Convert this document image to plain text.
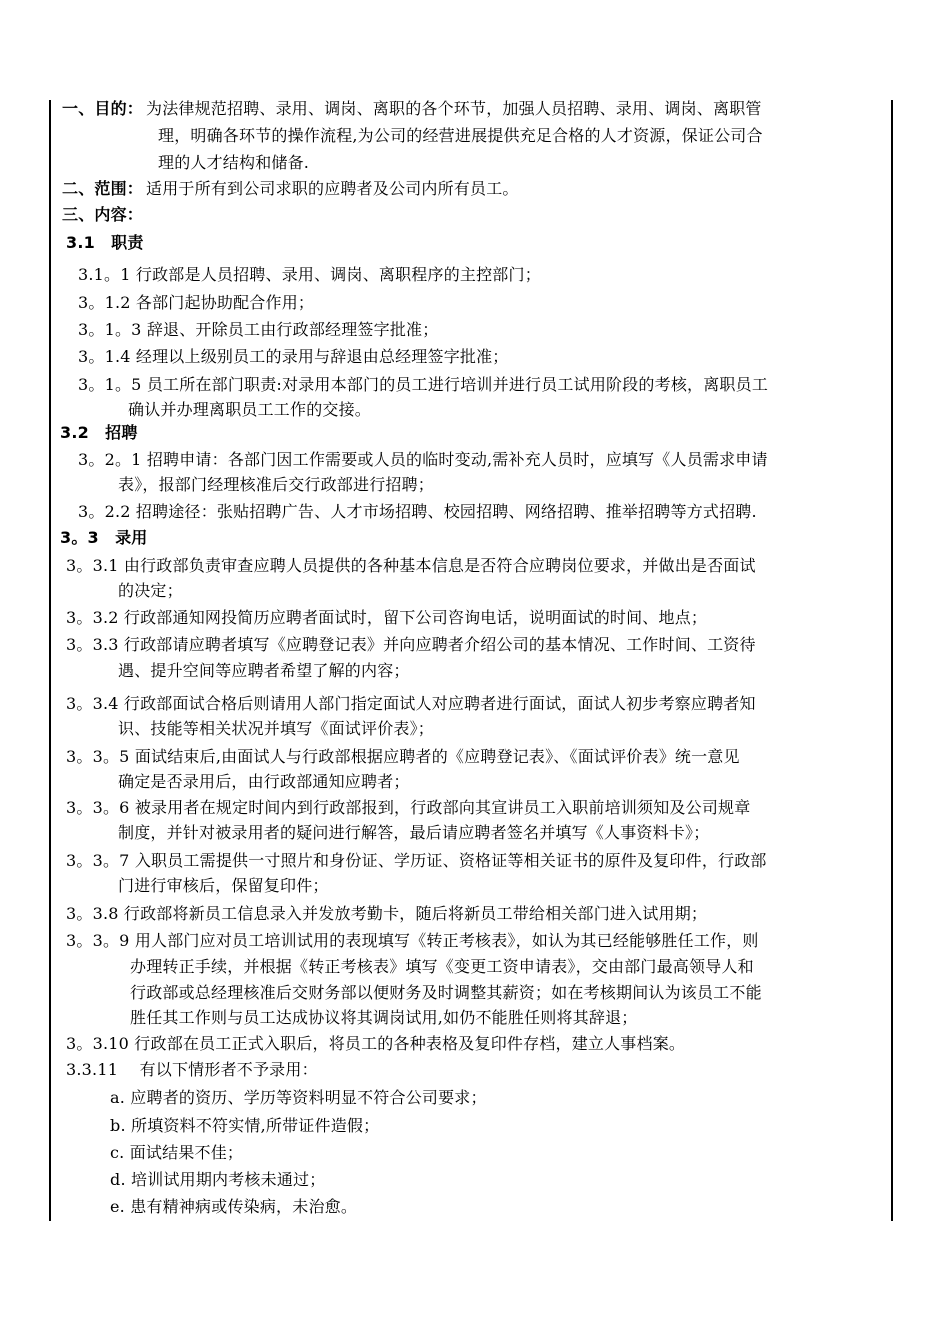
一、目的： 为法律规范招聘、录用、调岗、离职的各个环节，加强人员招聘、录用、调岗、离职管
理，明确各环节的操作流程,为公司的经营进展提供充足合格的人才资源，保证公司合
理的人才结构和储备.
二、范围： 适用于所有到公司求职的应聘者及公司内所有员工。
三、内容：
3.1　职责
3.1。1 行政部是人员招聘、录用、调岗、离职程序的主控部门；
3。1.2 各部门起协助配合作用；
3。1。3 辞退、开除员工由行政部经理签字批准；
3。1.4 经理以上级别员工的录用与辞退由总经理签字批准；
3。1。5 员工所在部门职责:对录用本部门的员工进行培训并进行员工试用阶段的考核，离职员工
确认并办理离职员工工作的交接。
3.2　招聘
3。2。1 招聘申请：各部门因工作需要或人员的临时变动,需补充人员时，应填写《人员需求申请
表》，报部门经理核准后交行政部进行招聘；
3。2.2 招聘途径：张贴招聘广告、人才市场招聘、校园招聘、网络招聘、推举招聘等方式招聘.
3。3　录用
3。3.1 由行政部负责审查应聘人员提供的各种基本信息是否符合应聘岗位要求，并做出是否面试
的决定；
3。3.2 行政部通知网投简历应聘者面试时，留下公司咨询电话，说明面试的时间、地点；
3。3.3 行政部请应聘者填写《应聘登记表》并向应聘者介绍公司的基本情况、工作时间、工资待
遇、提升空间等应聘者希望了解的内容；
3。3.4 行政部面试合格后则请用人部门指定面试人对应聘者进行面试，面试人初步考察应聘者知
识、技能等相关状况并填写《面试评价表》；
3。3。5 面试结束后,由面试人与行政部根据应聘者的《应聘登记表》、《面试评价表》统一意见
确定是否录用后，由行政部通知应聘者；
3。3。6 被录用者在规定时间内到行政部报到，行政部向其宣讲员工入职前培训须知及公司规章
制度，并针对被录用者的疑问进行解答，最后请应聘者签名并填写《人事资料卡》；
3。3。7 入职员工需提供一寸照片和身份证、学历证、资格证等相关证书的原件及复印件，行政部
门进行审核后，保留复印件；
3。3.8 行政部将新员工信息录入并发放考勤卡，随后将新员工带给相关部门进入试用期；
3。3。9 用人部门应对员工培训试用的表现填写《转正考核表》，如认为其已经能够胜任工作，则
办理转正手续，并根据《转正考核表》填写《变更工资申请表》，交由部门最高领导人和
行政部或总经理核准后交财务部以便财务及时调整其薪资；如在考核期间认为该员工不能
胜任其工作则与员工达成协议将其调岗试用,如仍不能胜任则将其辞退；
3。3.10 行政部在员工正式入职后，将员工的各种表格及复印件存档，建立人事档案。
3.3.11　 有以下情形者不予录用：
a. 应聘者的资历、学历等资料明显不符合公司要求；
b. 所填资料不符实情,所带证件造假；
c. 面试结果不佳；
d. 培训试用期内考核未通过；
e. 患有精神病或传染病，未治愈。
